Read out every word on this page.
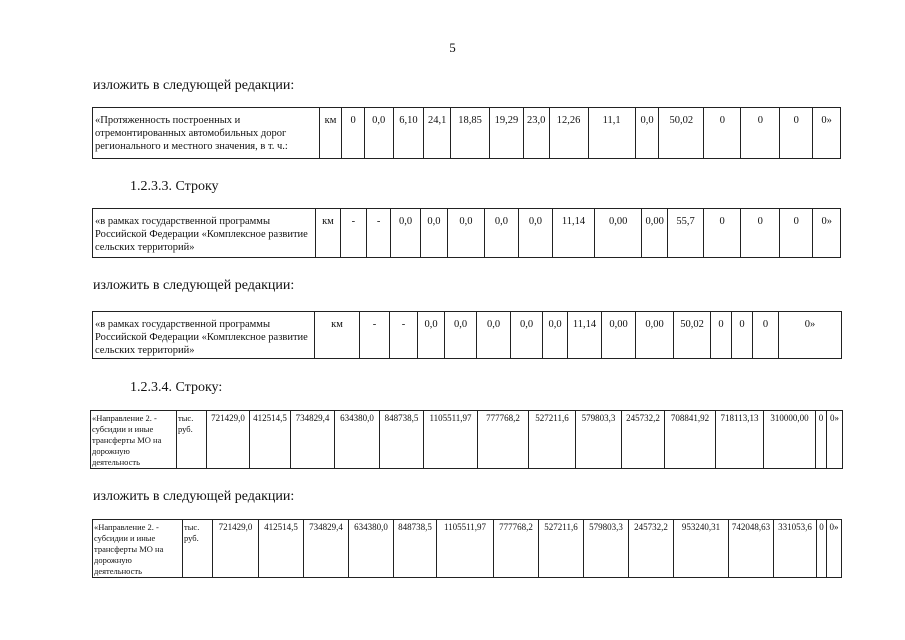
5
изложить в следующей редакции:
«Протяженность построенных и отремонтированных автомобильных дорог регионального и местного значения, в т. ч.:	км	0	0,0	6,10	24,1	18,85	19,29	23,0	12,26	11,1	0,0	50,02	0	0	0	0»
1.2.3.3. Строку
«в рамках государственной программы Российской Федерации «Комплексное развитие сельских территорий»	км	-	-	0,0	0,0	0,0	0,0	0,0	11,14	0,00	0,00	55,7	0	0	0	0»
изложить в следующей редакции:
«в рамках государственной программы Российской Федерации «Комплексное развитие сельских территорий»	км	-	-	0,0	0,0	0,0	0,0	0,0	11,14	0,00	0,00	50,02	0	0	0	0»
1.2.3.4. Строку:
«Направление 2. - субсидии и иные трансферты МО на дорожную деятельность	тыс. руб.	721429,0	412514,5	734829,4	634380,0	848738,5	1105511,97	777768,2	527211,6	579803,3	245732,2	708841,92	718113,13	310000,00	0	0»
изложить в следующей редакции:
«Направление 2. - субсидии и иные трансферты МО на дорожную деятельность	тыс. руб.	721429,0	412514,5	734829,4	634380,0	848738,5	1105511,97	777768,2	527211,6	579803,3	245732,2	953240,31	742048,63	331053,6	0	0»
